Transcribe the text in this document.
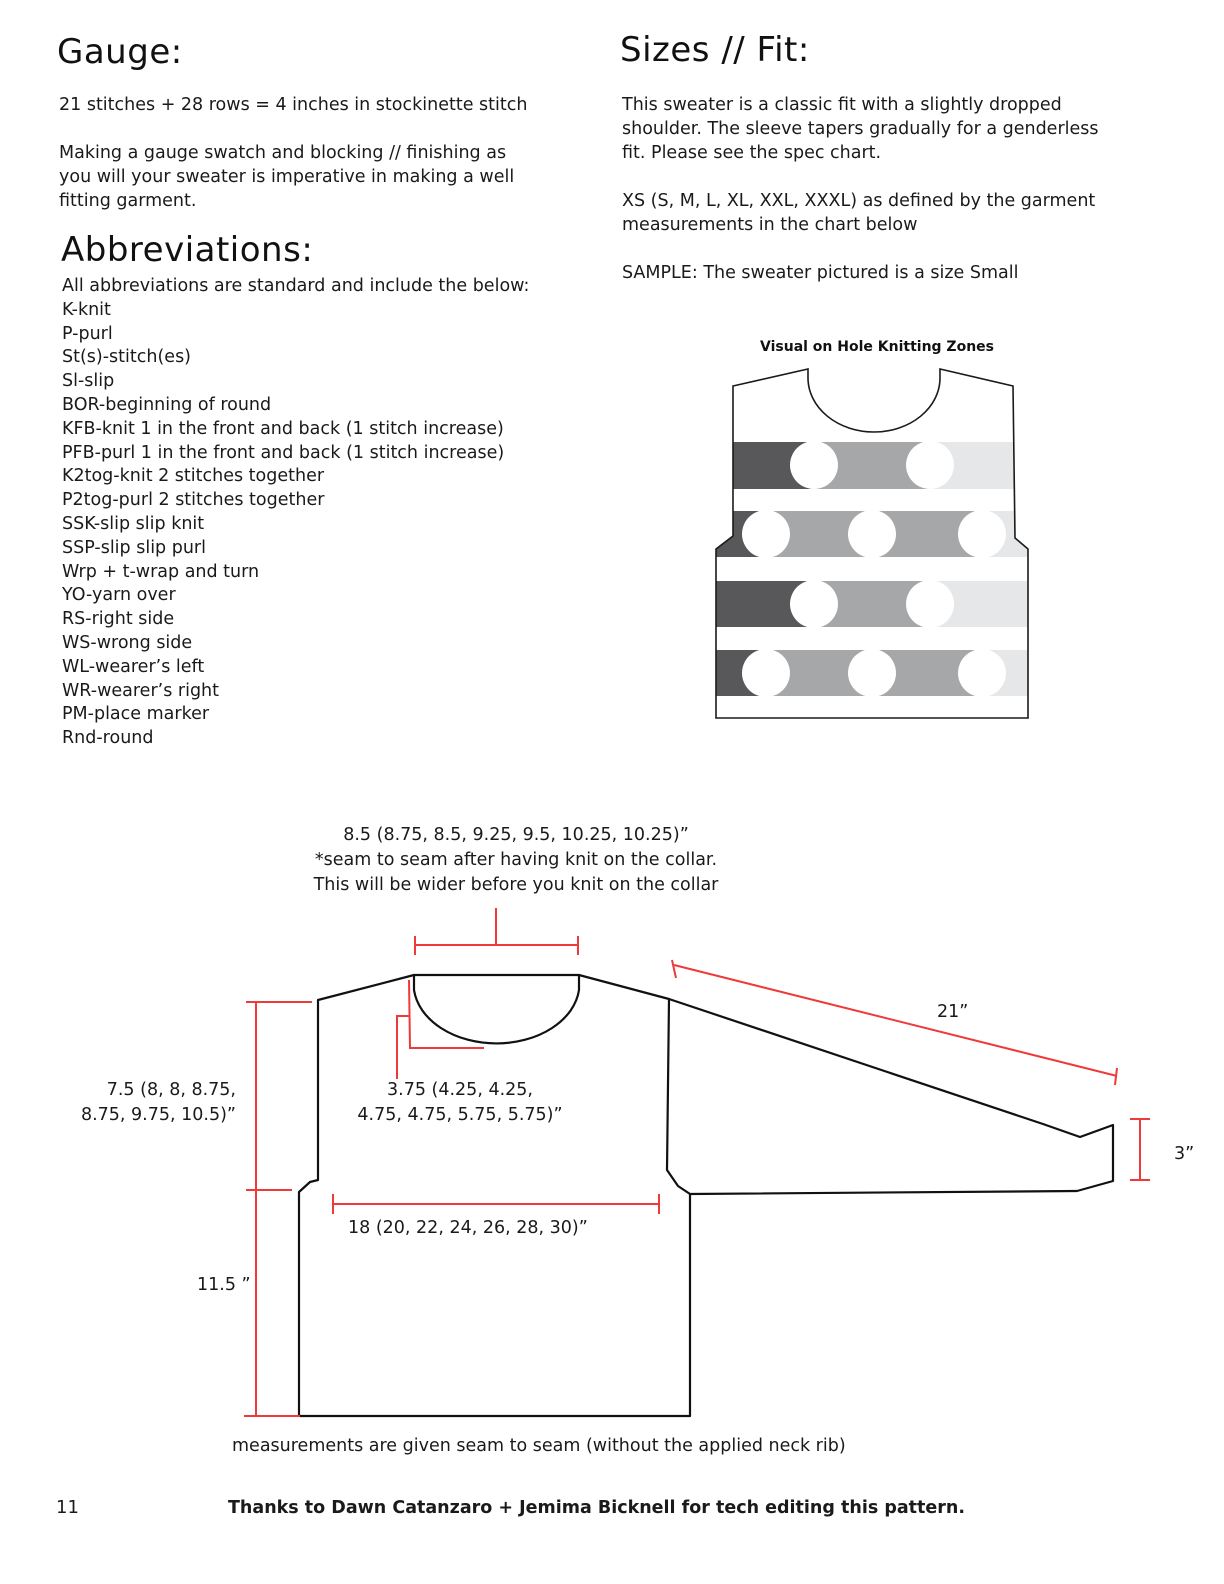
Gauge:
21 stitches + 28 rows = 4 inches in stockinette stitch
Making a gauge swatch and blocking // finishing as
you will your sweater is imperative in making a well
fitting garment.
Sizes // Fit:
This sweater is a classic fit with a slightly dropped
shoulder. The sleeve tapers gradually for a genderless
fit. Please see the spec chart.
XS (S, M, L, XL, XXL, XXXL) as defined by the garment
measurements in the chart below
SAMPLE: The sweater pictured is a size Small
Abbreviations:
All abbreviations are standard and include the below:
K-knit
P-purl
St(s)-stitch(es)
Sl-slip
BOR-beginning of round
KFB-knit 1 in the front and back (1 stitch increase)
PFB-purl 1 in the front and back (1 stitch increase)
K2tog-knit 2 stitches together
P2tog-purl 2 stitches together
SSK-slip slip knit
SSP-slip slip purl
Wrp + t-wrap and turn
YO-yarn over
RS-right side
WS-wrong side
WL-wearer’s left
WR-wearer’s right
PM-place marker
Rnd-round
Visual on Hole Knitting Zones
8.5 (8.75, 8.5, 9.25, 9.5, 10.25, 10.25)”
*seam to seam after having knit on the collar.
This will be wider before you knit on the collar
21”
7.5 (8, 8, 8.75,
8.75, 9.75, 10.5)”
3.75 (4.25, 4.25,
4.75, 4.75, 5.75, 5.75)”
3”
18 (20, 22, 24, 26, 28, 30)”
11.5 ”
measurements are given seam to seam (without the applied neck rib)
11	Thanks to Dawn Catanzaro + Jemima Bicknell for tech editing this pattern.
